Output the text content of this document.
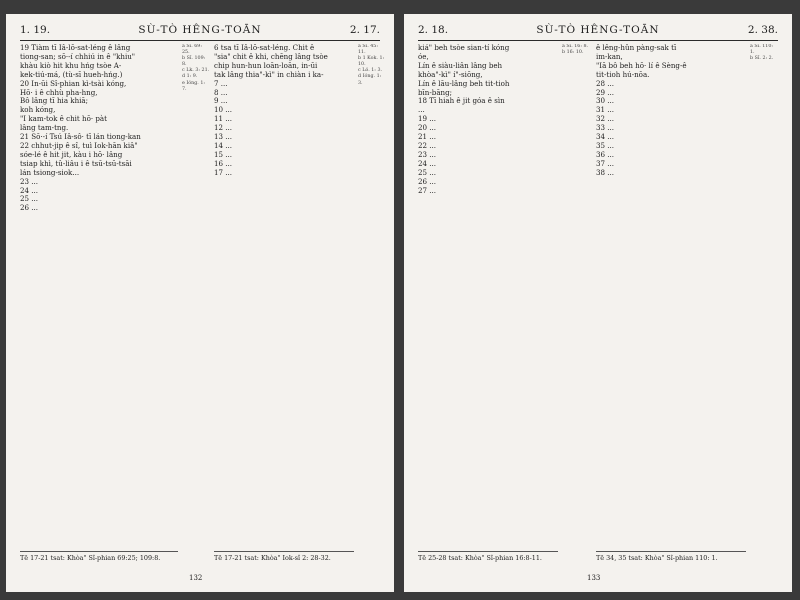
1. 19.	SÙ-TÒ HÊNG-TOĀN	2. 17.

19 Tiàm tī Iâ-lō-sat-léng ê lâng

tiong-san; sō·-í chhiú in ê "khiu"

khàu kiò hit khu hńg tsòe A-

kek-tiú-má, (tù-sī hueh-hńg.)

20 In-ūi Sî-phian kì-tsài kóng,

Hō· i ê chhù pha-hng,

Bô lâng tī hia khiā;

koh kóng,

"I kam-tok ê chit hō· pàt

lâng tam-tng.

21 Sō·-í Tsú Iâ-sô· tī lán tiong-kan

22 chhut-jip ê sî, tuì Iok-hān kiâ"

sóe-lé ê hit jit, kàu i hō· lâng

tsiap khì, tû-liâu i ê tsū-tsū-tsāi

lán tsiong-siok...

23 ...

24 ...

25 ...

26 ...

a Sî. 69: 25.

b Sî. 109: 8.

c Lk. 3: 21.

d 1: 9.

e Ióng. 1: 7.

6 tsa tī Iâ-lō-sat-léng. Chit ê

"sia" chit ê khi, chēng lâng tsòe

chip hun-hun loān-loān, in-ūi

tak lâng thia"-kì" in chiàn i ka-

7 ...

8 ...

9 ...

10 ...

11 ...

12 ...

13 ...

14 ...

15 ...

16 ...

17 ...

a Sî. 45: 11.

b 1 Kok. 1: 10.

c Ló. 1: 3.

d Ióng. 1: 3.

Tē 17-21 tsat: Khòa" Sî-phian 69:25; 109:8.	Tē 17-21 tsat: Khòa" Iok-sî 2: 28-32.
132
2. 18.	SÙ-TÒ HÊNG-TOĀN	2. 38.

kiá" beh tsòe sian-tí kóng

óe,

Lín ê siàu-liân lâng beh

khòa"-kì" í"-siōng,

Lín ê lāu-lâng beh tit-tioh

bīn-bāng;

18 Tī hiah ê jit góa ê sìn

...

19 ...

20 ...

21 ...

22 ...

23 ...

24 ...

25 ...

26 ...

27 ...

a Sî. 16: 8.

b 16: 10.

ê lêng-hûn pàng-sak tī

im-kan,

"Iā bô beh hō· lí ê Sèng-ê

tit-tioh hú-nōa.

28 ...

29 ...

30 ...

31 ...

32 ...

33 ...

34 ...

35 ...

36 ...

37 ...

38 ...

a Sî. 110: 1.

b Sî. 2: 2.

Tē 25-28 tsat: Khòa" Sî-phian 16:8-11.	Tē 34, 35 tsat: Khòa" Sî-phian 110: 1.
133
